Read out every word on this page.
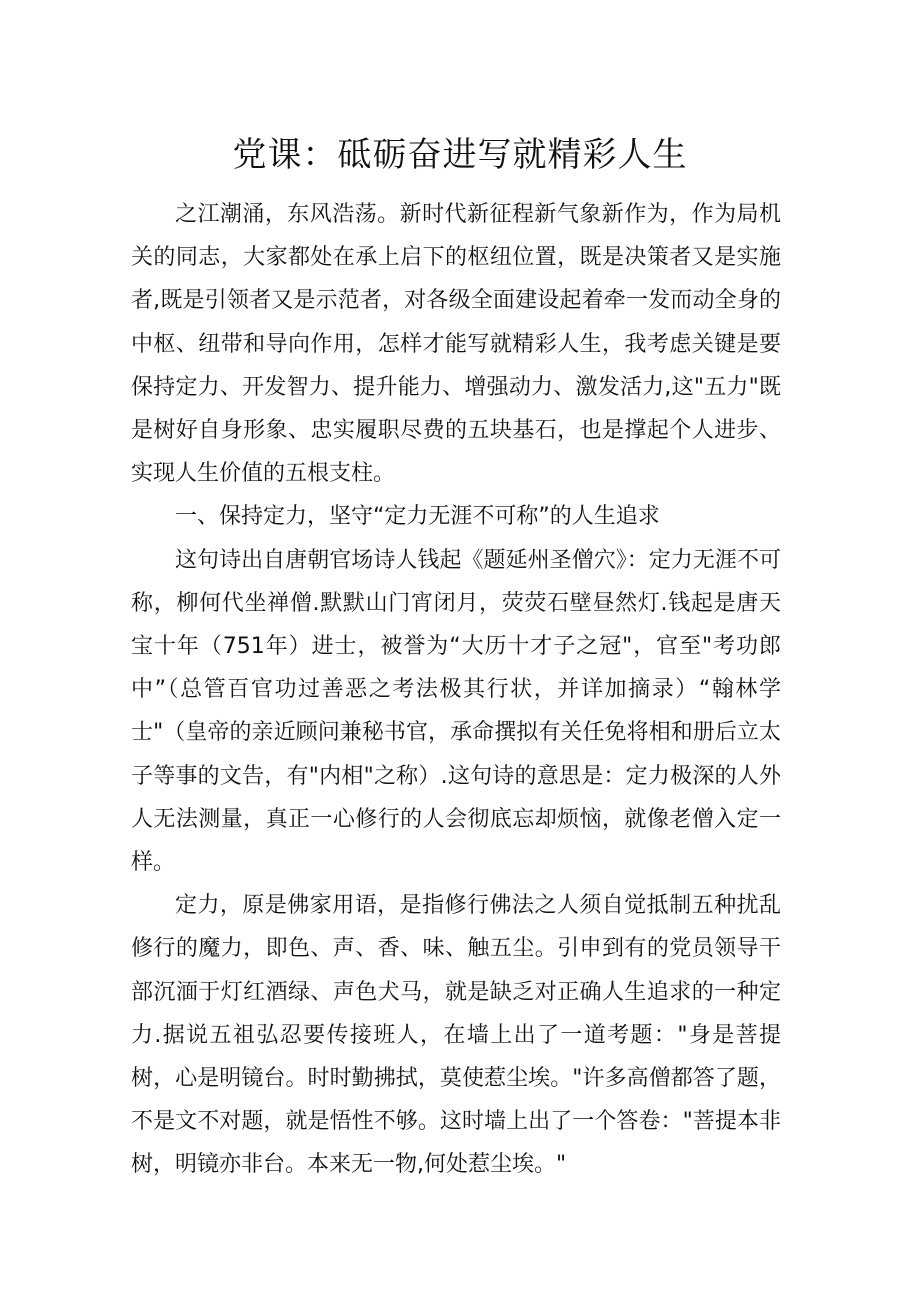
党课：砥砺奋进写就精彩人生

之江潮涌，东风浩荡。新时代新征程新气象新作为，作为局机关的同志，大家都处在承上启下的枢纽位置，既是决策者又是实施者,既是引领者又是示范者，对各级全面建设起着牵一发而动全身的中枢、纽带和导向作用，怎样才能写就精彩人生，我考虑关键是要保持定力、开发智力、提升能力、增强动力、激发活力,这"五力"既是树好自身形象、忠实履职尽费的五块基石，也是撑起个人进步、实现人生价值的五根支柱。

一、保持定力，坚守“定力无涯不可称”的人生追求

这句诗出自唐朝官场诗人钱起《题延州圣僧穴》：定力无涯不可称，柳何代坐禅僧.默默山门宵闭月，荧荧石壁昼然灯.钱起是唐天宝十年（751年）进士，被誉为“大历十才子之冠"，官至"考功郎中”（总管百官功过善恶之考法极其行状，并详加摘录）“翰林学士"（皇帝的亲近顾问兼秘书官，承命撰拟有关任免将相和册后立太子等事的文告，有"内相"之称）.这句诗的意思是：定力极深的人外人无法测量，真正一心修行的人会彻底忘却烦恼，就像老僧入定一样。

定力，原是佛家用语，是指修行佛法之人须自觉抵制五种扰乱修行的魔力，即色、声、香、味、触五尘。引申到有的党员领导干部沉湎于灯红酒绿、声色犬马，就是缺乏对正确人生追求的一种定力.据说五祖弘忍要传接班人，在墙上出了一道考题："身是菩提树，心是明镜台。时时勤拂拭，莫使惹尘埃。"许多高僧都答了题，不是文不对题，就是悟性不够。这时墙上出了一个答卷："菩提本非树，明镜亦非台。本来无一物,何处惹尘埃。"
